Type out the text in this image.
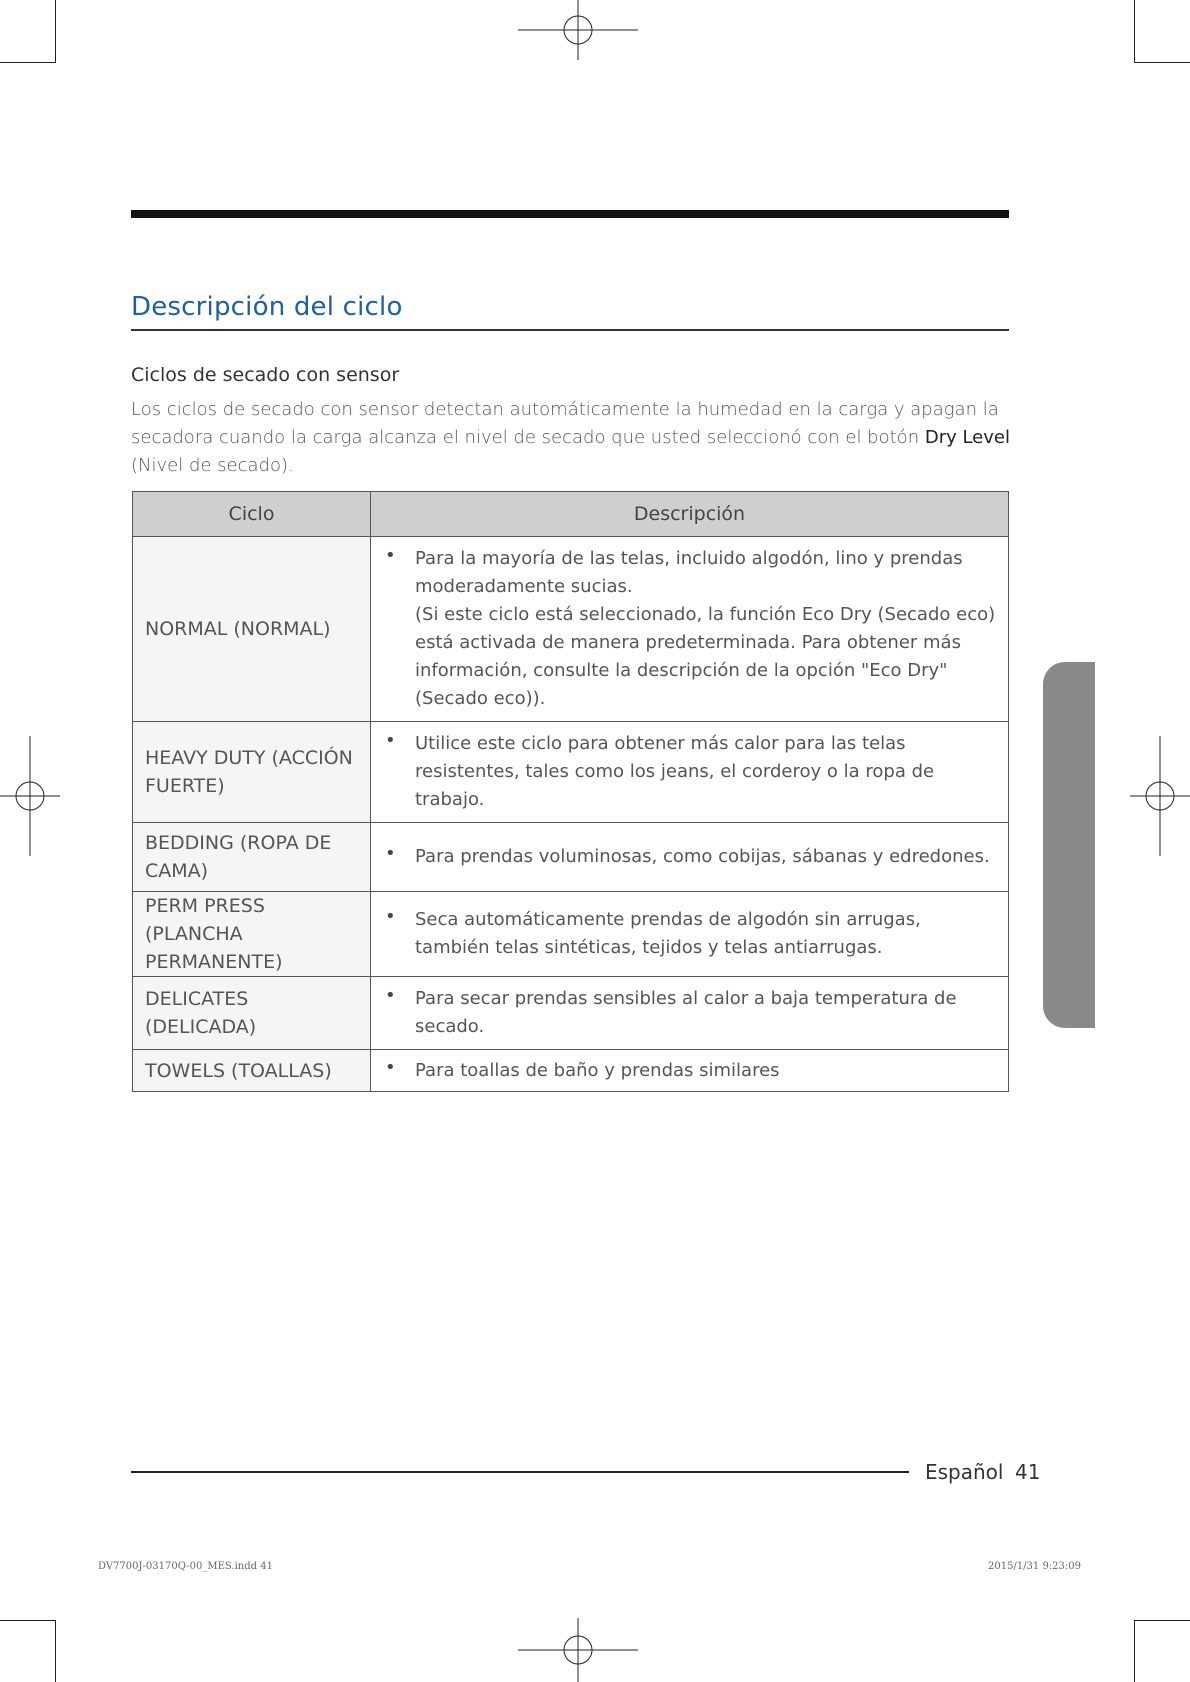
Descripción del ciclo
Ciclos de secado con sensor
Los ciclos de secado con sensor detectan automáticamente la humedad en la carga y apagan la secadora cuando la carga alcanza el nivel de secado que usted seleccionó con el botón Dry Level (Nivel de secado).
Ciclo	Descripción
NORMAL (NORMAL)	• Para la mayoría de las telas, incluido algodón, lino y prendas moderadamente sucias.
(Si este ciclo está seleccionado, la función Eco Dry (Secado eco) está activada de manera predeterminada. Para obtener más información, consulte la descripción de la opción "Eco Dry" (Secado eco)).

HEAVY DUTY (ACCIÓN FUERTE)	• Utilice este ciclo para obtener más calor para las telas resistentes, tales como los jeans, el corderoy o la ropa de trabajo.

BEDDING (ROPA DE CAMA)	• Para prendas voluminosas, como cobijas, sábanas y edredones.

PERM PRESS (PLANCHA PERMANENTE)	• Seca automáticamente prendas de algodón sin arrugas, también telas sintéticas, tejidos y telas antiarrugas.

DELICATES (DELICADA)	• Para secar prendas sensibles al calor a baja temperatura de secado.

TOWELS (TOALLAS)	• Para toallas de baño y prendas similares
Funcionamiento
Español 41
DV7700J-03170Q-00_MES.indd 41	2015/1/31 9:23:09
